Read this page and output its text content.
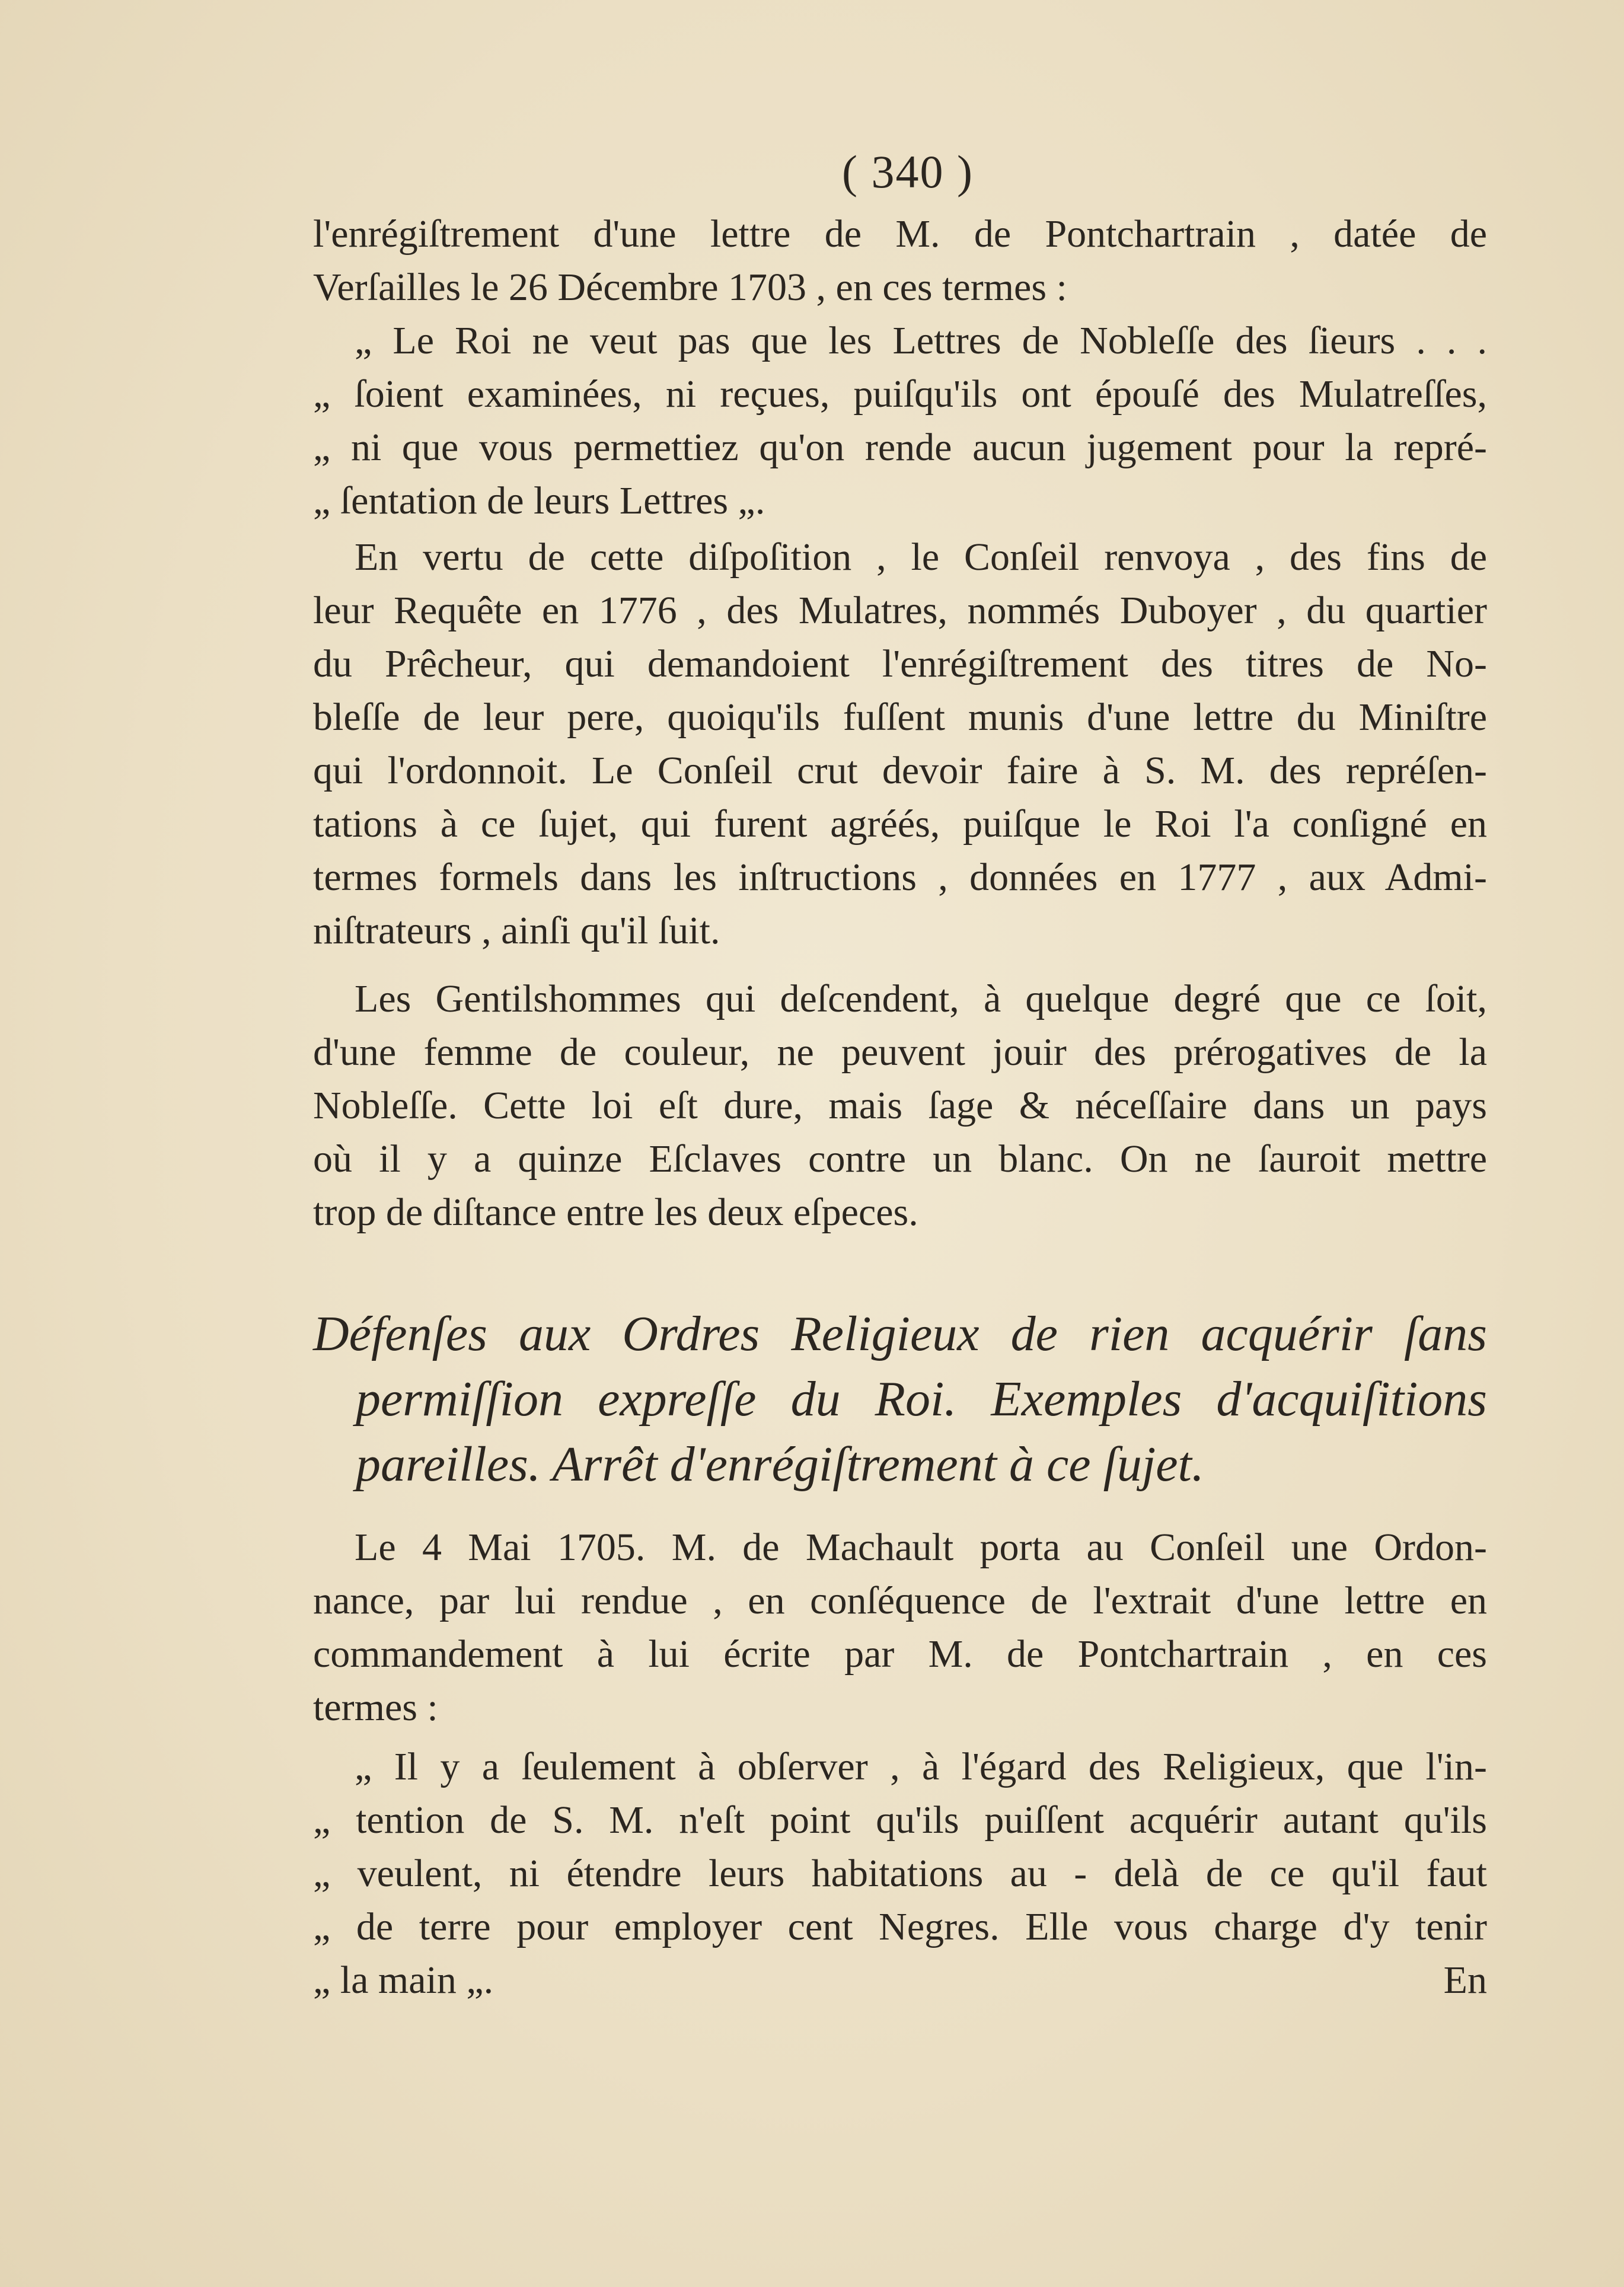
( 340 )
l'enrégiſtrement d'une lettre de M. de Pontchartrain , datée de
Verſailles le 26 Décembre 1703 , en ces termes :
„ Le Roi ne veut pas que les Lettres de Nobleſſe des ſieurs . . .
„ ſoient examinées, ni reçues, puiſqu'ils ont épouſé des Mulatreſſes,
„ ni que vous permettiez qu'on rende aucun jugement pour la repré-
„ ſentation de leurs Lettres „.
En vertu de cette diſpoſition , le Conſeil renvoya , des fins de
leur Requête en 1776 , des Mulatres, nommés Duboyer , du quartier
du Prêcheur, qui demandoient l'enrégiſtrement des titres de No-
bleſſe de leur pere, quoiqu'ils fuſſent munis d'une lettre du Miniſtre
qui l'ordonnoit. Le Conſeil crut devoir faire à S. M. des repréſen-
tations à ce ſujet, qui furent agréés, puiſque le Roi l'a conſigné en
termes formels dans les inſtructions , données en 1777 , aux Admi-
niſtrateurs , ainſi qu'il ſuit.
Les Gentilshommes qui deſcendent, à quelque degré que ce ſoit,
d'une femme de couleur, ne peuvent jouir des prérogatives de la
Nobleſſe. Cette loi eſt dure, mais ſage & néceſſaire dans un pays
où il y a quinze Eſclaves contre un blanc. On ne ſauroit mettre
trop de diſtance entre les deux eſpeces.
Défenſes aux Ordres Religieux de rien acquérir ſans
permiſſion expreſſe du Roi. Exemples d'acquiſitions
pareilles. Arrêt d'enrégiſtrement à ce ſujet.
Le 4 Mai 1705. M. de Machault porta au Conſeil une Ordon-
nance, par lui rendue , en conſéquence de l'extrait d'une lettre en
commandement à lui écrite par M. de Pontchartrain , en ces
termes :
„ Il y a ſeulement à obſerver , à l'égard des Religieux, que l'in-
„ tention de S. M. n'eſt point qu'ils puiſſent acquérir autant qu'ils
„ veulent, ni étendre leurs habitations au - delà de ce qu'il faut
„ de terre pour employer cent Negres. Elle vous charge d'y tenir
„ la main „.	En
